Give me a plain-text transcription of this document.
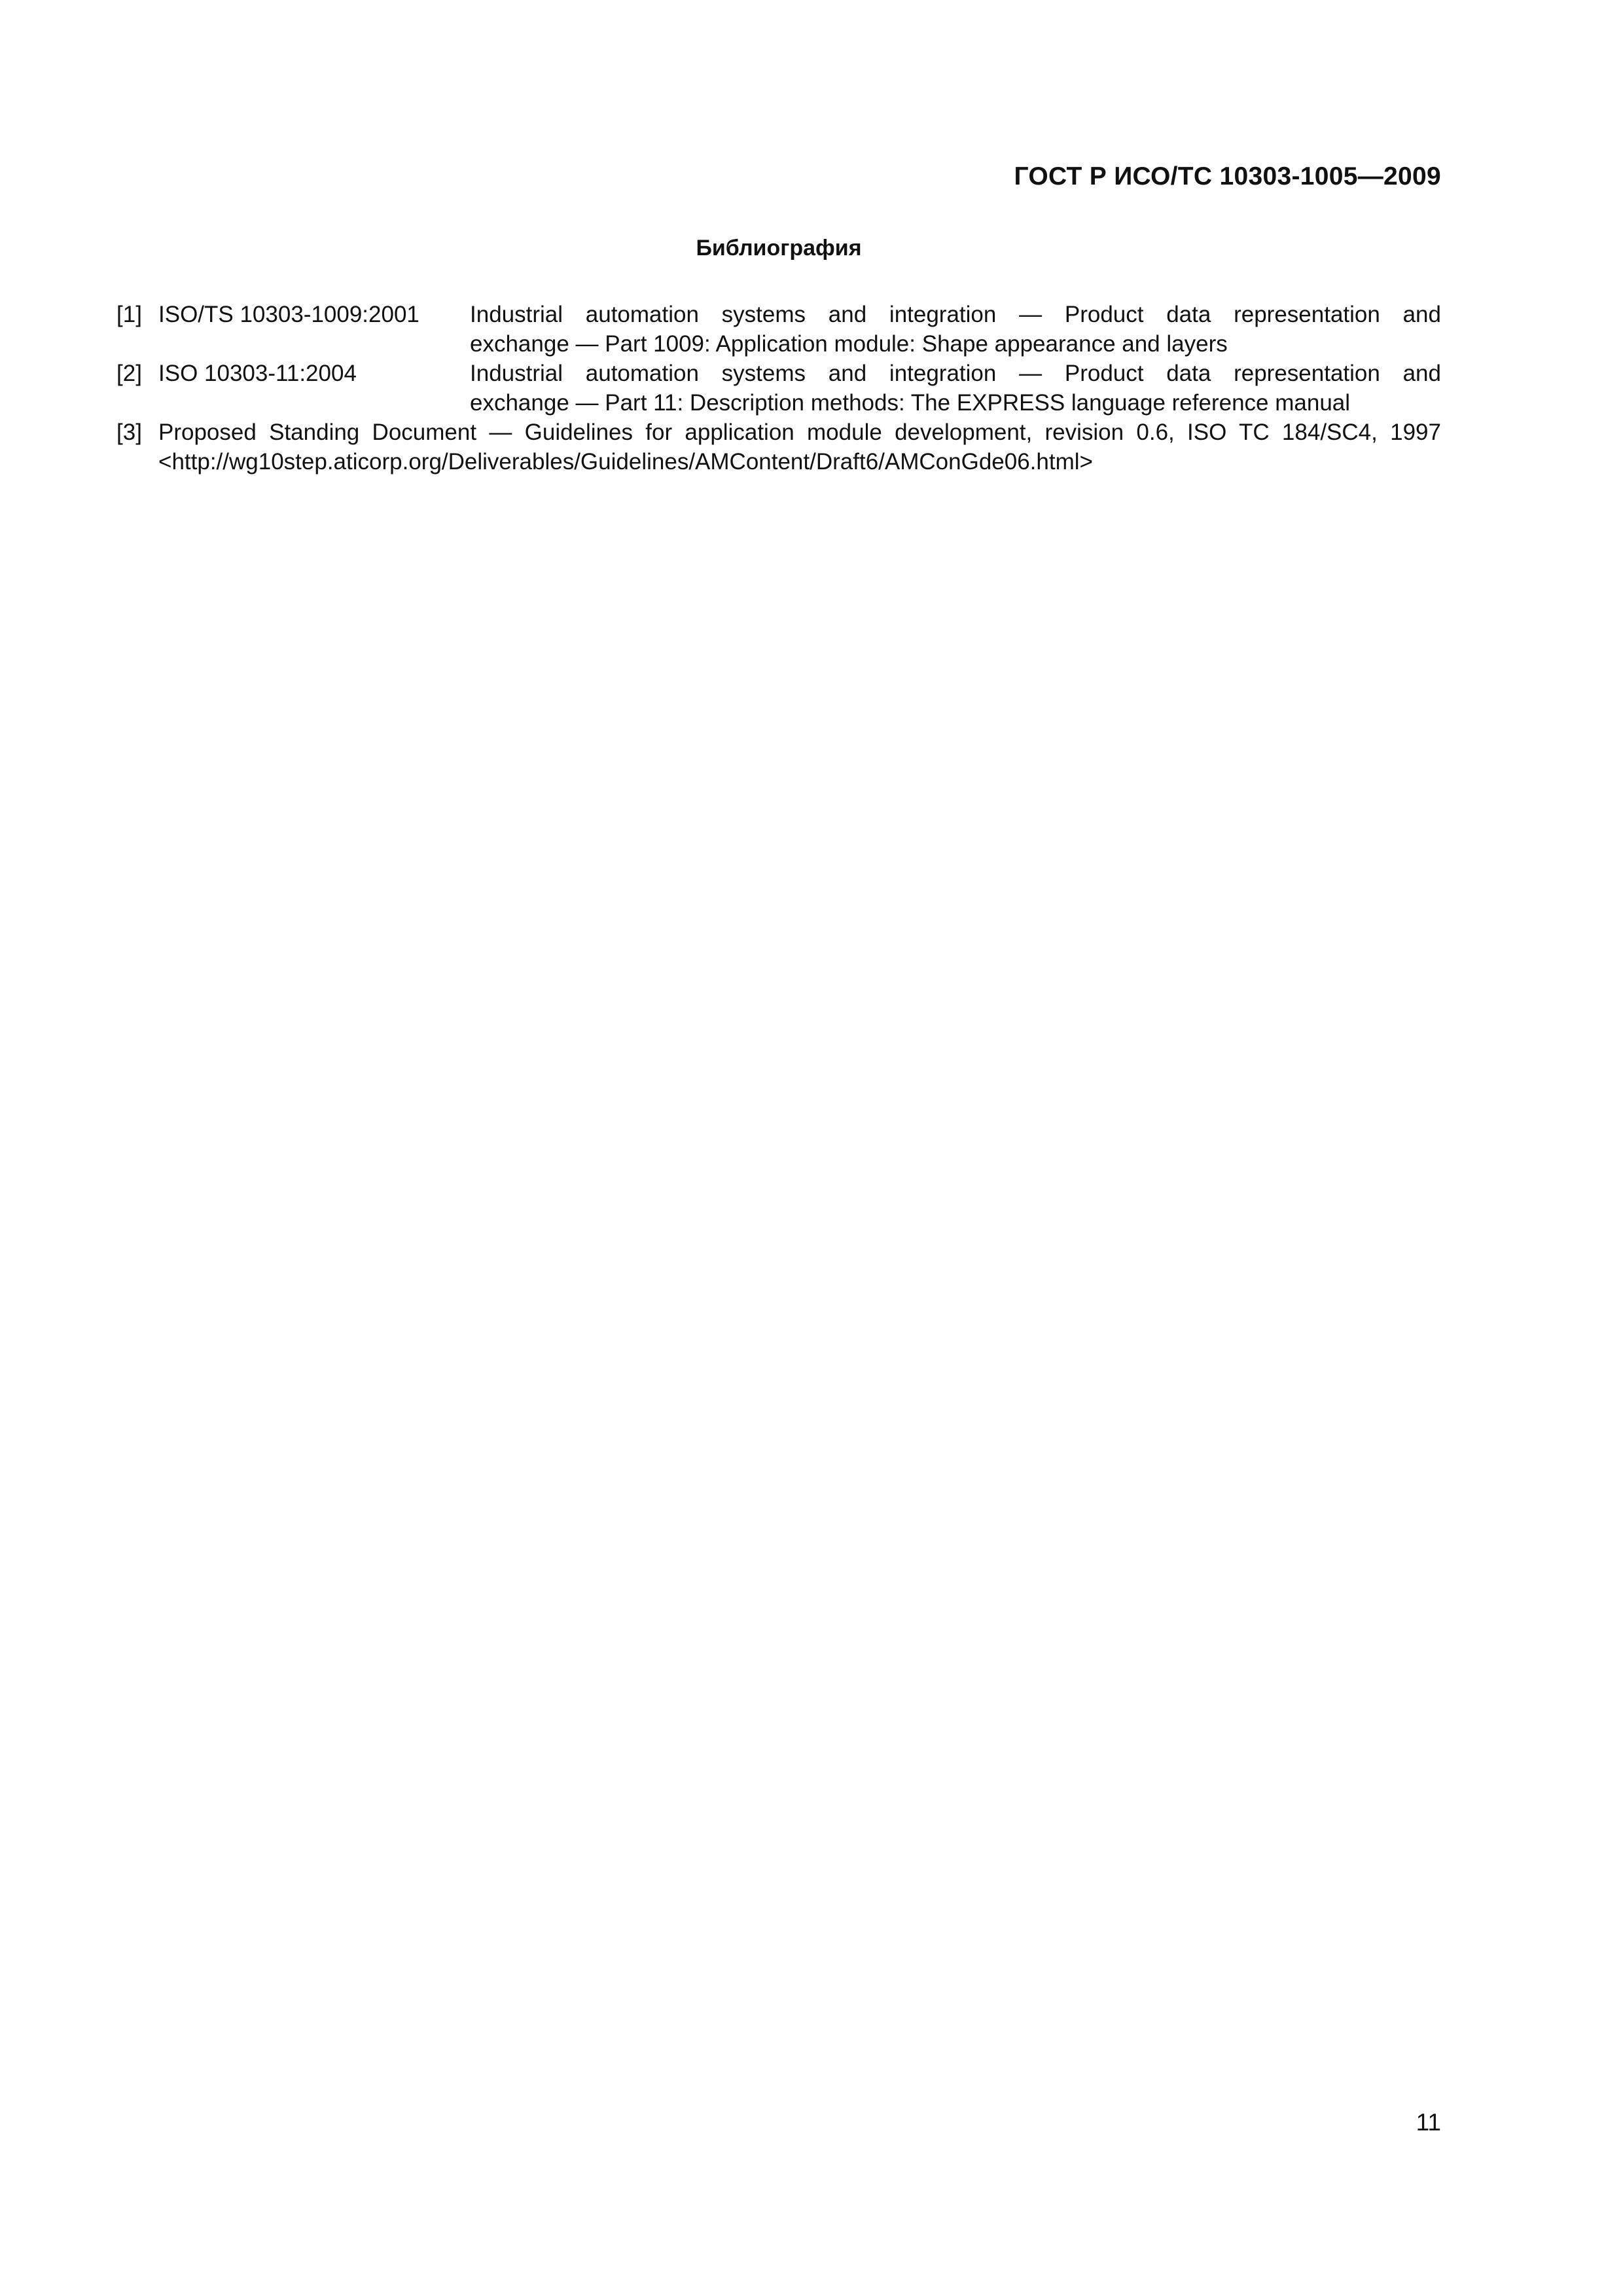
ГОСТ Р ИСО/ТС 10303-1005—2009
Библиография
[1] ISO/TS 10303-1009:2001	Industrial automation systems and integration — Product data representation and
exchange — Part 1009: Application module: Shape appearance and layers
[2] ISO 10303-11:2004	Industrial automation systems and integration — Product data representation and
exchange — Part 11: Description methods: The EXPRESS language reference manual
[3] Proposed Standing Document — Guidelines for application module development, revision 0.6, ISO TC 184/SC4, 1997
<http://wg10step.aticorp.org/Deliverables/Guidelines/AMContent/Draft6/AMConGde06.html>
11
